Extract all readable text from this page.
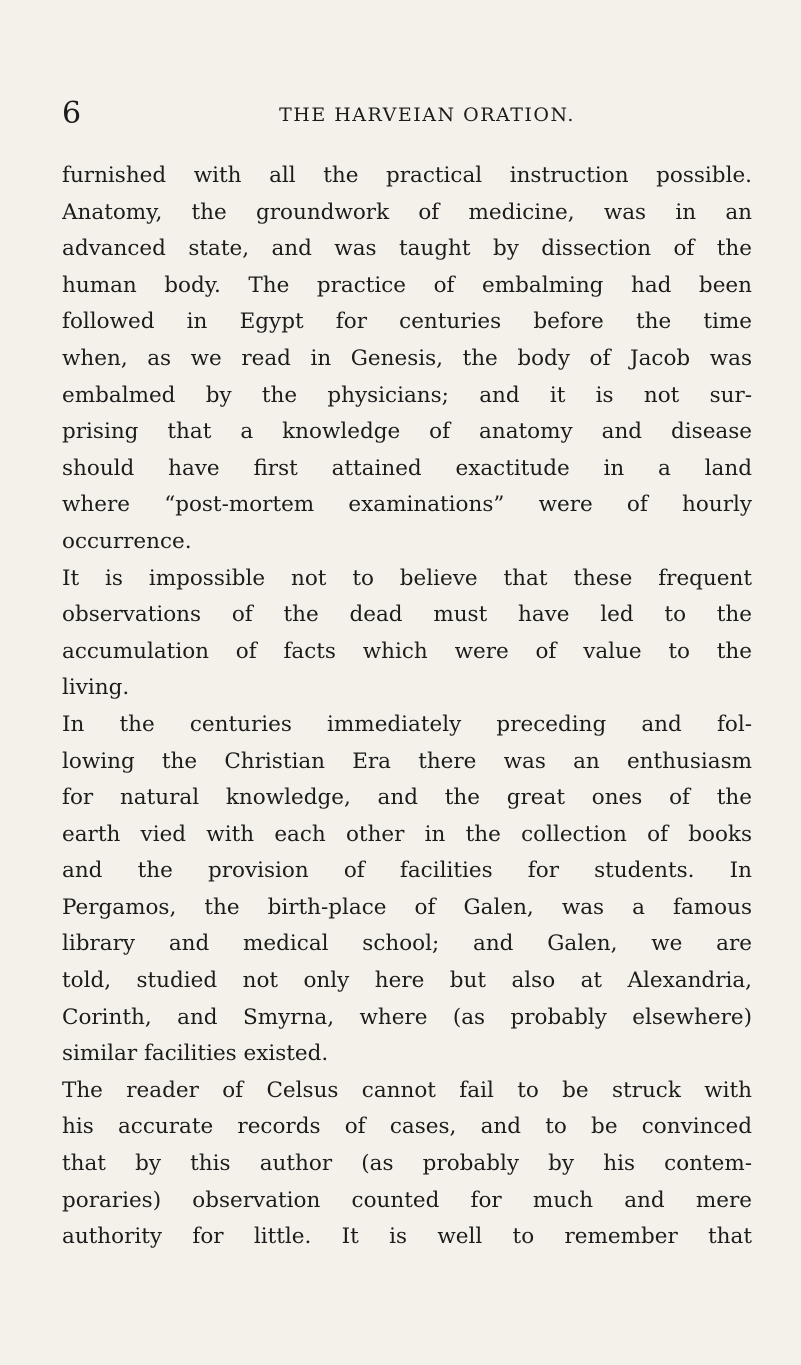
6	THE HARVEIAN ORATION.
furnished with all the practical instruction possible.
Anatomy, the groundwork of medicine, was in an
advanced state, and was taught by dissection of the
human body. The practice of embalming had been
followed in Egypt for centuries before the time
when, as we read in Genesis, the body of Jacob was
embalmed by the physicians; and it is not sur-
prising that a knowledge of anatomy and disease
should have first attained exactitude in a land
where “post-mortem examinations” were of hourly
occurrence.
It is impossible not to believe that these frequent
observations of the dead must have led to the
accumulation of facts which were of value to the
living.
In the centuries immediately preceding and fol-
lowing the Christian Era there was an enthusiasm
for natural knowledge, and the great ones of the
earth vied with each other in the collection of books
and the provision of facilities for students. In
Pergamos, the birth-place of Galen, was a famous
library and medical school; and Galen, we are
told, studied not only here but also at Alexandria,
Corinth, and Smyrna, where (as probably elsewhere)
similar facilities existed.
The reader of Celsus cannot fail to be struck with
his accurate records of cases, and to be convinced
that by this author (as probably by his contem-
poraries) observation counted for much and mere
authority for little. It is well to remember that
